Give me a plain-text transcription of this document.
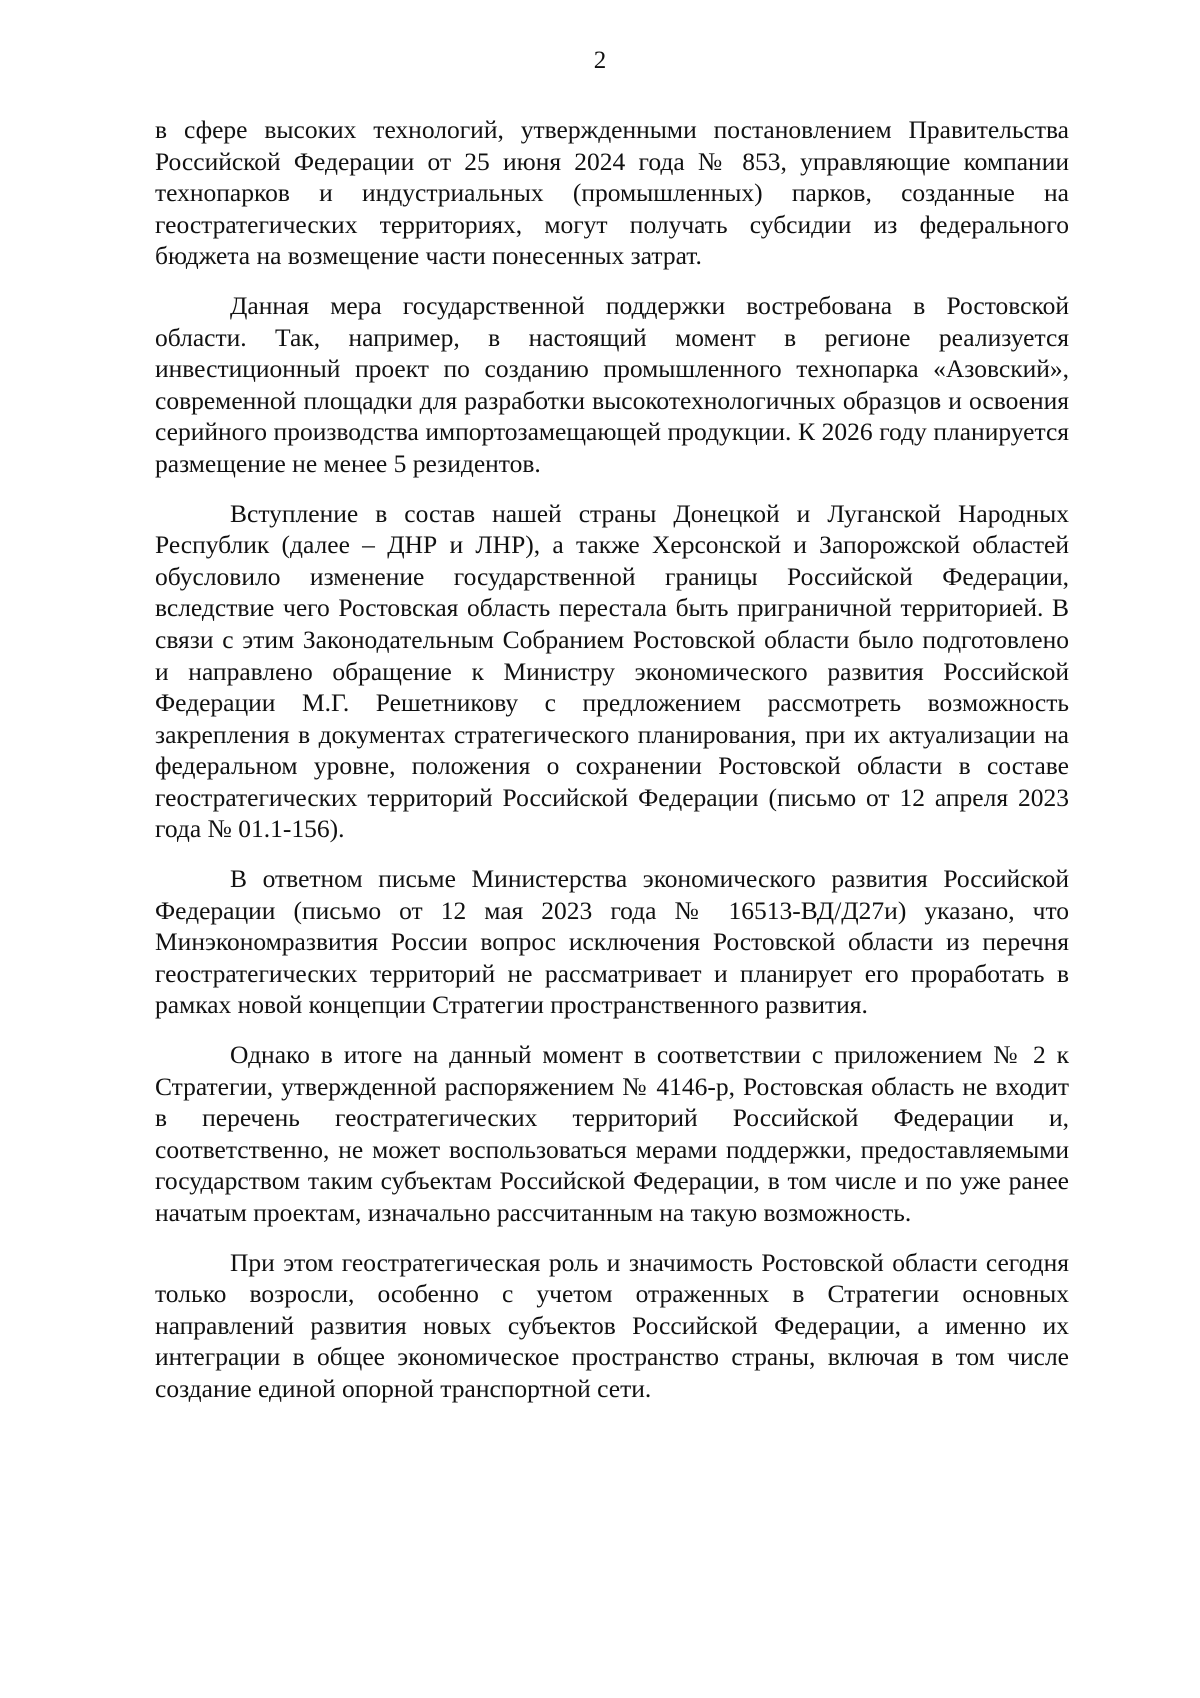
2

в сфере высоких технологий, утвержденными постановлением Правительства Российской Федерации от 25 июня 2024 года № 853, управляющие компании технопарков и индустриальных (промышленных) парков, созданные на геостратегических территориях, могут получать субсидии из федерального бюджета на возмещение части понесенных затрат.

Данная мера государственной поддержки востребована в Ростовской области. Так, например, в настоящий момент в регионе реализуется инвестиционный проект по созданию промышленного технопарка «Азовский», современной площадки для разработки высокотехнологичных образцов и освоения серийного производства импортозамещающей продукции. К 2026 году планируется размещение не менее 5 резидентов.

Вступление в состав нашей страны Донецкой и Луганской Народных Республик (далее – ДНР и ЛНР), а также Херсонской и Запорожской областей обусловило изменение государственной границы Российской Федерации, вследствие чего Ростовская область перестала быть приграничной территорией. В связи с этим Законодательным Собранием Ростовской области было подготовлено и направлено обращение к Министру экономического развития Российской Федерации М.Г. Решетникову с предложением рассмотреть возможность закрепления в документах стратегического планирования, при их актуализации на федеральном уровне, положения о сохранении Ростовской области в составе геостратегических территорий Российской Федерации (письмо от 12 апреля 2023 года № 01.1-156).

В ответном письме Министерства экономического развития Российской Федерации (письмо от 12 мая 2023 года № 16513-ВД/Д27и) указано, что Минэкономразвития России вопрос исключения Ростовской области из перечня геостратегических территорий не рассматривает и планирует его проработать в рамках новой концепции Стратегии пространственного развития.

Однако в итоге на данный момент в соответствии с приложением № 2 к Стратегии, утвержденной распоряжением № 4146-р, Ростовская область не входит в перечень геостратегических территорий Российской Федерации и, соответственно, не может воспользоваться мерами поддержки, предоставляемыми государством таким субъектам Российской Федерации, в том числе и по уже ранее начатым проектам, изначально рассчитанным на такую возможность.

При этом геостратегическая роль и значимость Ростовской области сегодня только возросли, особенно с учетом отраженных в Стратегии основных направлений развития новых субъектов Российской Федерации, а именно их интеграции в общее экономическое пространство страны, включая в том числе создание единой опорной транспортной сети.
